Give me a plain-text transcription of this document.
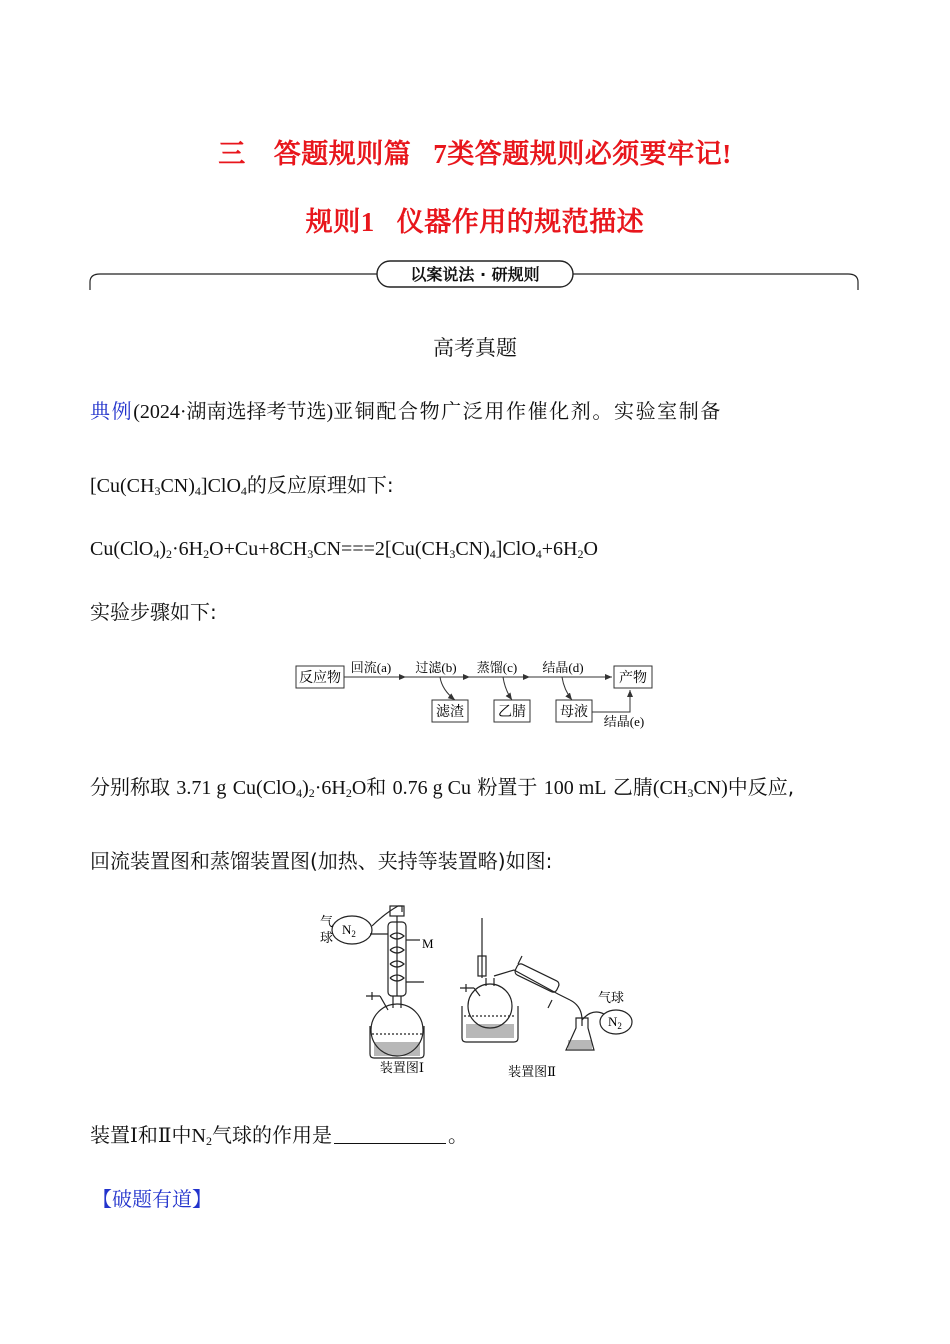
三 答题规则篇 7类答题规则必须要牢记!
规则1 仪器作用的规范描述
以案说法 · 研规则
高考真题
典例(2024·湖南选择考节选)亚铜配合物广泛用作催化剂。实验室制备
$[Cu(CH_3CN)_4]ClO_4$的反应原理如下:
$Cu(ClO_4)_2\cdot 6H_2O+Cu+8CH_3CN===2[Cu(CH_3CN)_4]ClO_4+6H_2O$
实验步骤如下:
反应物
回流(a) 过滤(b) 蒸馏(c) 结晶(d)
产物
滤渣 乙腈 母液
结晶(e)
分别称取 3.71 g $Cu(ClO_4)_2\cdot 6H_2O$和 0.76 g Cu 粉置于 100 mL 乙腈$(CH_3CN)$中反应,
回流装置图和蒸馏装置图(加热、夹持等装置略)如图:
气
球
$N_2$
M
气球
$N_2$
装置图Ⅰ	装置图Ⅱ
装置Ⅰ和Ⅱ中$N_2$气球的作用是	。
【破题有道】
